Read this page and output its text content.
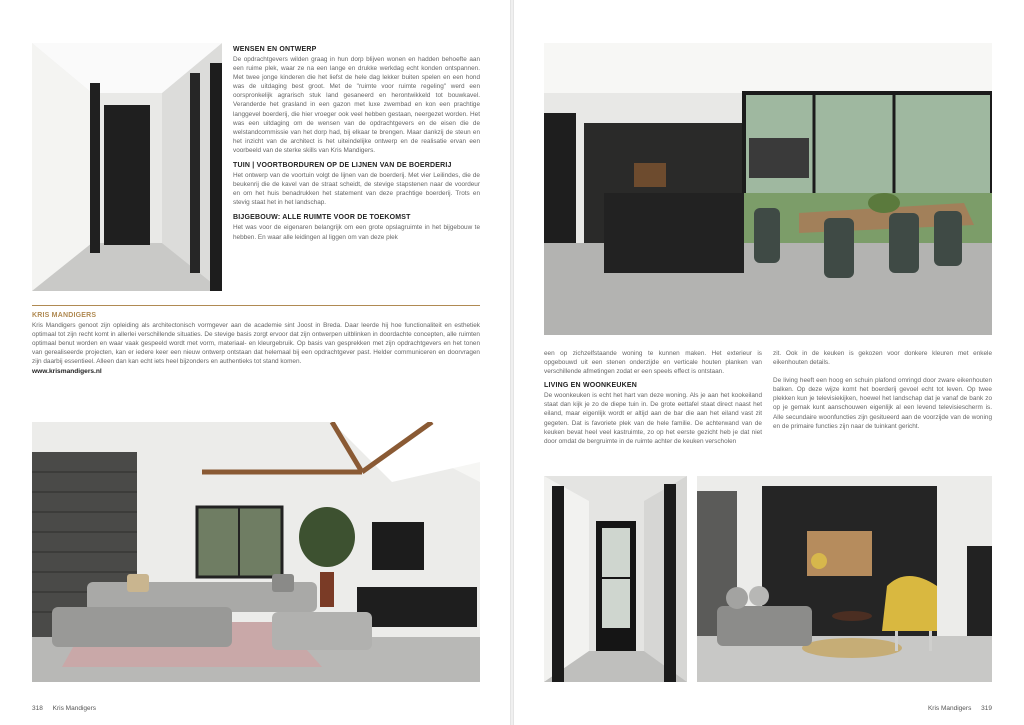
WENSEN EN ONTWERP

De opdrachtgevers wilden graag in hun dorp blijven wonen en hadden behoefte aan een ruime plek, waar ze na een lange en drukke werkdag echt konden ontspannen. Met twee jonge kinderen die het liefst de hele dag lekker buiten spelen en een hond was de uitdaging best groot. Met de "ruimte voor ruimte regeling" werd een oorspronkelijk agrarisch stuk land gesaneerd en herontwikkeld tot bouwkavel. Veranderde het grasland in een gazon met luxe zwembad en kon een prachtige langgevel boerderij, die hier vroeger ook veel hebben gestaan, neergezet worden. Het was een uitdaging om de wensen van de opdrachtgevers en de eisen die de welstandcommissie van het dorp had, bij elkaar te brengen. Maar dankzij de steun en het inzicht van de architect is het uiteindelijke ontwerp en de realisatie ervan een voorbeeld van de sterke skills van Kris Mandigers.

TUIN | VOORTBORDUREN OP DE LIJNEN VAN DE BOERDERIJ

Het ontwerp van de voortuin volgt de lijnen van de boerderij. Met vier Leilindes, die de beukenrij die de kavel van de straat scheidt, de stevige stapstenen naar de voordeur en om het huis benadrukken het statement van deze prachtige boerderij. Trots en stevig staat het in het landschap.

BIJGEBOUW: ALLE RUIMTE VOOR DE TOEKOMST

Het was voor de eigenaren belangrijk om een grote opslagruimte in het bijgebouw te hebben. En waar alle leidingen al liggen om van deze plek

KRIS MANDIGERS

Kris Mandigers genoot zijn opleiding als architectonisch vormgever aan de academie sint Joost in Breda. Daar leerde hij hoe functionaliteit en esthetiek optimaal tot zijn recht komt in allerlei verschillende situaties. De stevige basis zorgt ervoor dat zijn ontwerpen uitblinken in doordachte concepten, alle ruimten optimaal benut worden en waar vaak gespeeld wordt met vorm, materiaal- en kleurgebruik. Op basis van gesprekken met zijn opdrachtgevers en het tonen van gerealiseerde projecten, kan er iedere keer een nieuw ontwerp ontstaan dat helemaal bij een opdrachtgever past. Helder communiceren en doorvragen zijn daarbij essentieel. Alleen dan kan echt iets heel bijzonders en authentieks tot stand komen.

www.krismandigers.nl
318 Kris Mandigers

een op zichzelfstaande woning te kunnen maken. Het exterieur is opgebouwd uit een stenen onderzijde en verticale houten planken van verschillende afmetingen zodat er een speels effect is ontstaan.

LIVING EN WOONKEUKEN

De woonkeuken is echt het hart van deze woning. Als je aan het kookeiland staat dan kijk je zo de diepe tuin in. De grote eettafel staat direct naast het eiland, maar eigenlijk wordt er altijd aan de bar die aan het eiland vast zit gegeten. Dat is favoriete plek van de hele familie. De achterwand van de keuken bevat heel veel kastruimte, zo op het eerste gezicht heb je dat niet door omdat de bergruimte in de ruimte achter de keuken verscholen

zit. Ook in de keuken is gekozen voor donkere kleuren met enkele eikenhouten details.

De living heeft een hoog en schuin plafond omringd door zware eikenhouten balken. Op deze wijze komt het boerderij gevoel echt tot leven. Op twee plekken kun je televisiekijken, hoewel het landschap dat je vanaf de bank zo op je gemak kunt aanschouwen eigenlijk al een levend televisiescherm is. Alle secundaire woonfuncties zijn gesitueerd aan de voorzijde van de woning en de primaire functies zijn naar de tuinkant gericht.

Kris Mandigers 319
